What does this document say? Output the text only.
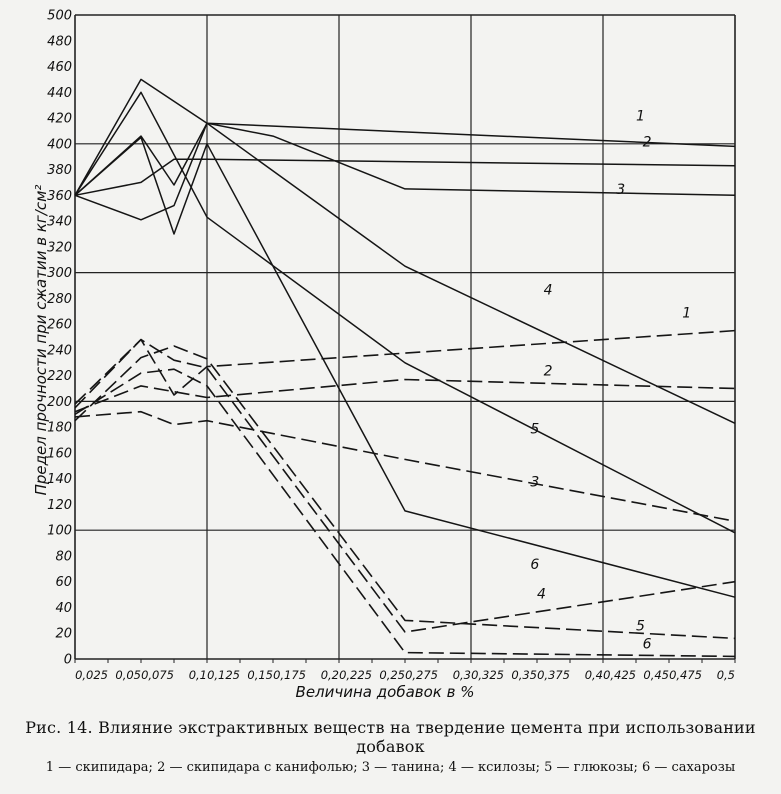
0
20
40
60
80
100
120
140
160
180
200
220
240
260
280
300
320
340
360
380
400
420
440
460
480
500
0,025 0,05 0,075 0,1 0,125 0,15 0,175 0,2 0,225 0,25 0,275 0,3 0,325 0,35 0,375 0,4 0,425 0,45 0,475 0,5
1
2
3
4
5
6
1
2
3
4
5
6
Величина добавок в %
Предел прочности при сжатии в кг/см²
Рис. 14. Влияние экстрактивных веществ на твердение цемента при использовании добавок
1 — скипидара; 2 — скипидара с канифолью; 3 — танина; 4 — ксилозы; 5 — глюкозы; 6 — сахарозы
